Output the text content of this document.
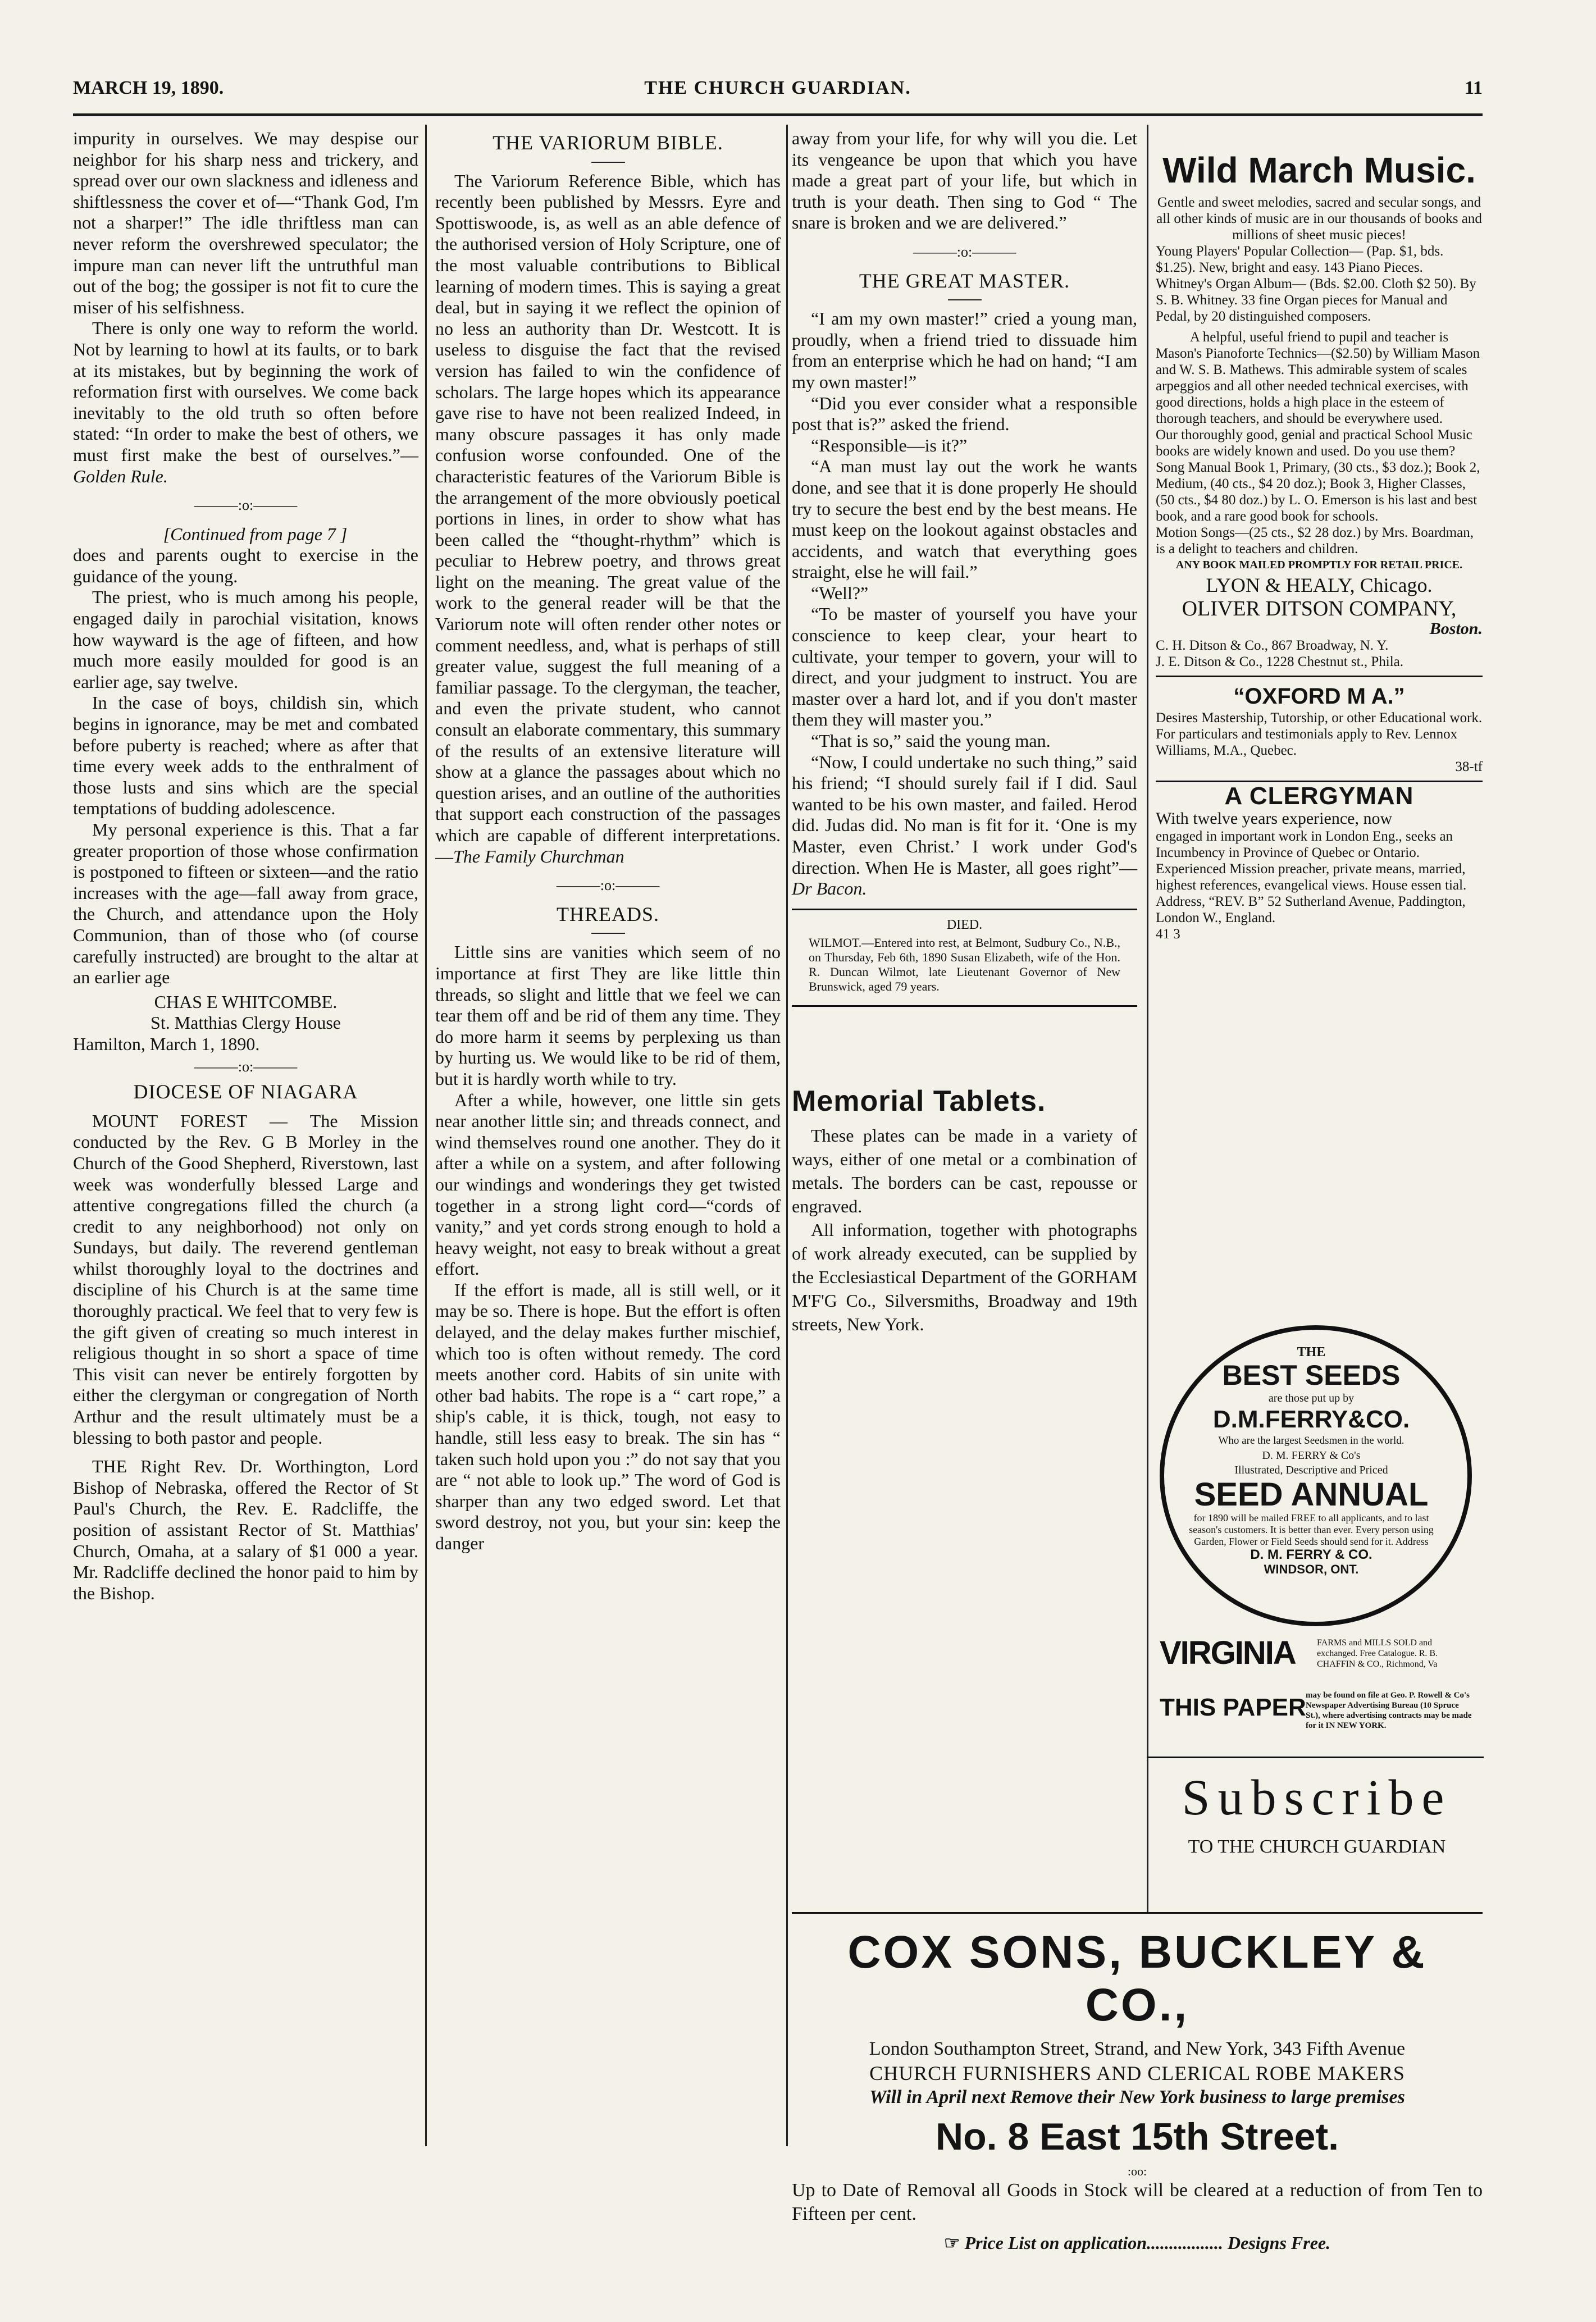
MARCH 19, 1890.	THE CHURCH GUARDIAN.	11

impurity in ourselves. We may despise our neighbor for his sharp ness and trickery, and spread over our own slackness and idleness and shiftlessness the cover et of—“Thank God, I'm not a sharper!” The idle thriftless man can never reform the overshrewed speculator; the impure man can never lift the untruthful man out of the bog; the gossiper is not fit to cure the miser of his selfishness.

There is only one way to reform the world. Not by learning to howl at its faults, or to bark at its mistakes, but by beginning the work of reformation first with ourselves. We come back inevitably to the old truth so often before stated: “In order to make the best of others, we must first make the best of ourselves.”—Golden Rule.

———:o:———

[Continued from page 7 ]

does and parents ought to exercise in the guidance of the young.

The priest, who is much among his people, engaged daily in parochial visitation, knows how wayward is the age of fifteen, and how much more easily moulded for good is an earlier age, say twelve.

In the case of boys, childish sin, which begins in ignorance, may be met and combated before puberty is reached; where as after that time every week adds to the enthralment of those lusts and sins which are the special temptations of budding adolescence.

My personal experience is this. That a far greater proportion of those whose confirmation is postponed to fifteen or sixteen—and the ratio increases with the age—fall away from grace, the Church, and attendance upon the Holy Communion, than of those who (of course carefully instructed) are brought to the altar at an earlier age

CHAS E WHITCOMBE.
St. Matthias Clergy House
Hamilton, March 1, 1890.
———:o:———
DIOCESE OF NIAGARA

MOUNT FOREST — The Mission conducted by the Rev. G B Morley in the Church of the Good Shepherd, Riverstown, last week was wonderfully blessed Large and attentive congregations filled the church (a credit to any neighborhood) not only on Sundays, but daily. The reverend gentleman whilst thoroughly loyal to the doctrines and discipline of his Church is at the same time thoroughly practical. We feel that to very few is the gift given of creating so much interest in religious thought in so short a space of time This visit can never be entirely forgotten by either the clergyman or congregation of North Arthur and the result ultimately must be a blessing to both pastor and people.

THE Right Rev. Dr. Worthington, Lord Bishop of Nebraska, offered the Rector of St Paul's Church, the Rev. E. Radcliffe, the position of assistant Rector of St. Matthias' Church, Omaha, at a salary of $1 000 a year. Mr. Radcliffe declined the honor paid to him by the Bishop.

THE VARIORUM BIBLE.

The Variorum Reference Bible, which has recently been published by Messrs. Eyre and Spottiswoode, is, as well as an able defence of the authorised version of Holy Scripture, one of the most valuable contributions to Biblical learning of modern times. This is saying a great deal, but in saying it we reflect the opinion of no less an authority than Dr. Westcott. It is useless to disguise the fact that the revised version has failed to win the confidence of scholars. The large hopes which its appearance gave rise to have not been realized Indeed, in many obscure passages it has only made confusion worse confounded. One of the characteristic features of the Variorum Bible is the arrangement of the more obviously poetical portions in lines, in order to show what has been called the “thought-rhythm” which is peculiar to Hebrew poetry, and throws great light on the meaning. The great value of the work to the general reader will be that the Variorum note will often render other notes or comment needless, and, what is perhaps of still greater value, suggest the full meaning of a familiar passage. To the clergyman, the teacher, and even the private student, who cannot consult an elaborate commentary, this summary of the results of an extensive literature will show at a glance the passages about which no question arises, and an outline of the authorities that support each construction of the passages which are capable of different interpretations.—The Family Churchman

———:o:———
THREADS.

Little sins are vanities which seem of no importance at first They are like little thin threads, so slight and little that we feel we can tear them off and be rid of them any time. They do more harm it seems by perplexing us than by hurting us. We would like to be rid of them, but it is hardly worth while to try.

After a while, however, one little sin gets near another little sin; and threads connect, and wind themselves round one another. They do it after a while on a system, and after following our windings and wonderings they get twisted together in a strong light cord—“cords of vanity,” and yet cords strong enough to hold a heavy weight, not easy to break without a great effort.

If the effort is made, all is still well, or it may be so. There is hope. But the effort is often delayed, and the delay makes further mischief, which too is often without remedy. The cord meets another cord. Habits of sin unite with other bad habits. The rope is a “ cart rope,” a ship's cable, it is thick, tough, not easy to handle, still less easy to break. The sin has “ taken such hold upon you :” do not say that you are “ not able to look up.” The word of God is sharper than any two edged sword. Let that sword destroy, not you, but your sin: keep the danger

away from your life, for why will you die. Let its vengeance be upon that which you have made a great part of your life, but which in truth is your death. Then sing to God “ The snare is broken and we are delivered.”

———:o:———
THE GREAT MASTER.

“I am my own master!” cried a young man, proudly, when a friend tried to dissuade him from an enterprise which he had on hand; “I am my own master!”

“Did you ever consider what a responsible post that is?” asked the friend.

“Responsible—is it?”

“A man must lay out the work he wants done, and see that it is done properly He should try to secure the best end by the best means. He must keep on the lookout against obstacles and accidents, and watch that everything goes straight, else he will fail.”

“Well?”

“To be master of yourself you have your conscience to keep clear, your heart to cultivate, your temper to govern, your will to direct, and your judgment to instruct. You are master over a hard lot, and if you don't master them they will master you.”

“That is so,” said the young man.

“Now, I could undertake no such thing,” said his friend; “I should surely fail if I did. Saul wanted to be his own master, and failed. Herod did. Judas did. No man is fit for it. ‘One is my Master, even Christ.’ I work under God's direction. When He is Master, all goes right”—Dr Bacon.

DIED.
WILMOT.—Entered into rest, at Belmont, Sudbury Co., N.B., on Thursday, Feb 6th, 1890 Susan Elizabeth, wife of the Hon. R. Duncan Wilmot, late Lieutenant Governor of New Brunswick, aged 79 years.
Memorial Tablets.

These plates can be made in a variety of ways, either of one metal or a combination of metals. The borders can be cast, repousse or engraved.

All information, together with photographs of work already executed, can be supplied by the Ecclesiastical Department of the GORHAM M'F'G Co., Silversmiths, Broadway and 19th streets, New York.

Wild March Music.
Gentle and sweet melodies, sacred and secular songs, and all other kinds of music are in our thousands of books and millions of sheet music pieces!
Young Players' Popular Collection— (Pap. $1, bds. $1.25). New, bright and easy. 143 Piano Pieces.
Whitney's Organ Album— (Bds. $2.00. Cloth $2 50). By S. B. Whitney. 33 fine Organ pieces for Manual and Pedal, by 20 distinguished composers.
A helpful, useful friend to pupil and teacher is
Mason's Pianoforte Technics—($2.50) by William Mason and W. S. B. Mathews. This admirable system of scales arpeggios and all other needed technical exercises, with good directions, holds a high place in the esteem of thorough teachers, and should be everywhere used.
Our thoroughly good, genial and practical School Music books are widely known and used. Do you use them?
Song Manual Book 1, Primary, (30 cts., $3 doz.); Book 2, Medium, (40 cts., $4 20 doz.); Book 3, Higher Classes, (50 cts., $4 80 doz.) by L. O. Emerson is his last and best book, and a rare good book for schools.
Motion Songs—(25 cts., $2 28 doz.) by Mrs. Boardman, is a delight to teachers and children.
ANY BOOK MAILED PROMPTLY FOR RETAIL PRICE.
LYON & HEALY, Chicago.
OLIVER DITSON COMPANY,
Boston.
C. H. Ditson & Co., 867 Broadway, N. Y.
J. E. Ditson & Co., 1228 Chestnut st., Phila.
“OXFORD M A.”
Desires Mastership, Tutorship, or other Educational work. For particulars and testimonials apply to Rev. Lennox Williams, M.A., Quebec.
38-tf
A CLERGYMAN
With twelve years experience, now
engaged in important work in London Eng., seeks an Incumbency in Province of Quebec or Ontario. Experienced Mission preacher, private means, married, highest references, evangelical views. House essen tial. Address, “REV. B” 52 Sutherland Avenue, Paddington, London W., England.
41 3
THE
BEST SEEDS
are those put up by
D.M.FERRY&CO.
Who are the largest Seedsmen in the world.
D. M. FERRY & Co's
Illustrated, Descriptive and Priced
SEED ANNUAL
for 1890 will be mailed FREE to all applicants, and to last season's customers. It is better than ever. Every person using Garden, Flower or Field Seeds should send for it. Address
D. M. FERRY & CO.
WINDSOR, ONT.
VIRGINIA FARMS and MILLS SOLD and exchanged. Free Catalogue. R. B. CHAFFIN & CO., Richmond, Va
THIS PAPER may be found on file at Geo. P. Rowell & Co's Newspaper Advertising Bureau (10 Spruce St.), where advertising contracts may be made for it IN NEW YORK.
Subscribe
TO THE CHURCH GUARDIAN
COX SONS, BUCKLEY & CO.,
London Southampton Street, Strand, and New York, 343 Fifth Avenue
CHURCH FURNISHERS AND CLERICAL ROBE MAKERS
Will in April next Remove their New York business to large premises
No. 8 East 15th Street.
:oo:
Up to Date of Removal all Goods in Stock will be cleared at a reduction of from Ten to Fifteen per cent.
☞ Price List on application................. Designs Free.
